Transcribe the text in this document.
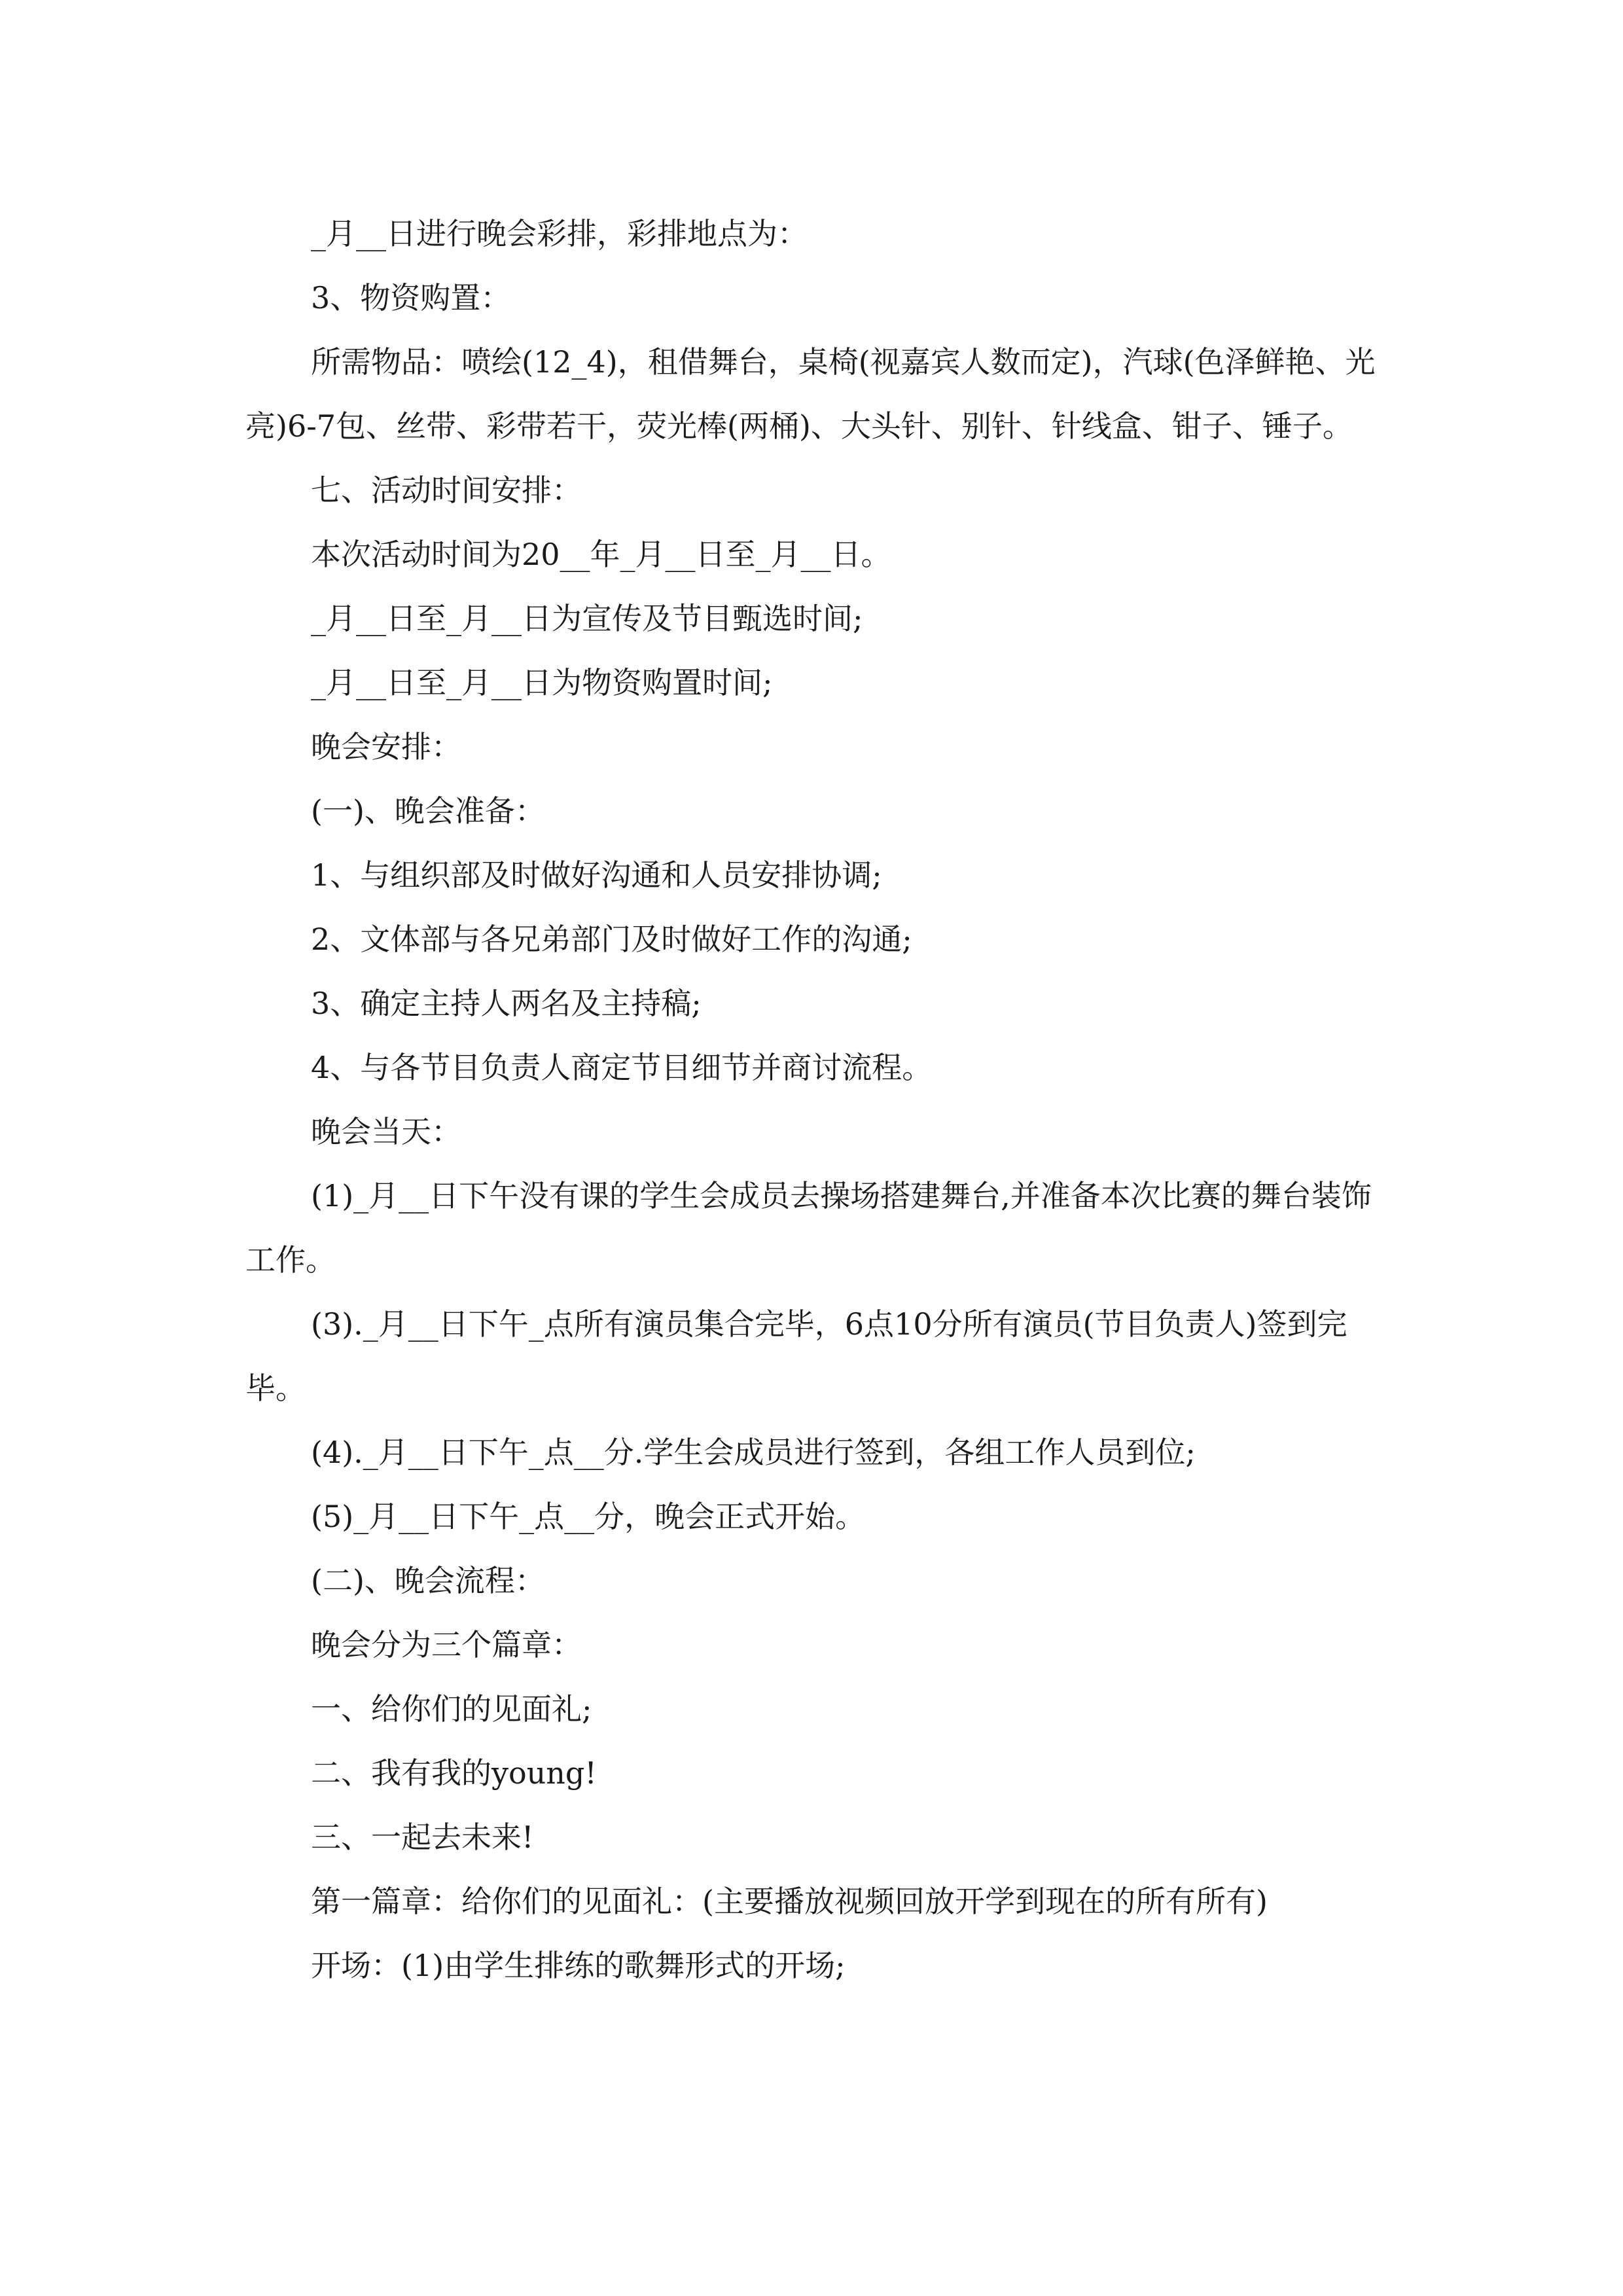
_月__日进行晚会彩排，彩排地点为：

3、物资购置：

所需物品：喷绘(12_4)，租借舞台，桌椅(视嘉宾人数而定)，汽球(色泽鲜艳、光亮)6-7包、丝带、彩带若干，荧光棒(两桶)、大头针、别针、针线盒、钳子、锤子。

七、活动时间安排：

本次活动时间为20__年_月__日至_月__日。

_月__日至_月__日为宣传及节目甄选时间;

_月__日至_月__日为物资购置时间;

晚会安排：

(一)、晚会准备：

1、与组织部及时做好沟通和人员安排协调;

2、文体部与各兄弟部门及时做好工作的沟通;

3、确定主持人两名及主持稿;

4、与各节目负责人商定节目细节并商讨流程。

晚会当天：

(1)_月__日下午没有课的学生会成员去操场搭建舞台,并准备本次比赛的舞台装饰工作。

(3)._月__日下午_点所有演员集合完毕，6点10分所有演员(节目负责人)签到完毕。

(4)._月__日下午_点__分.学生会成员进行签到，各组工作人员到位;

(5)_月__日下午_点__分，晚会正式开始。

(二)、晚会流程：

晚会分为三个篇章：

一、给你们的见面礼;

二、我有我的young!

三、一起去未来!

第一篇章：给你们的见面礼：(主要播放视频回放开学到现在的所有所有)

开场：(1)由学生排练的歌舞形式的开场;
